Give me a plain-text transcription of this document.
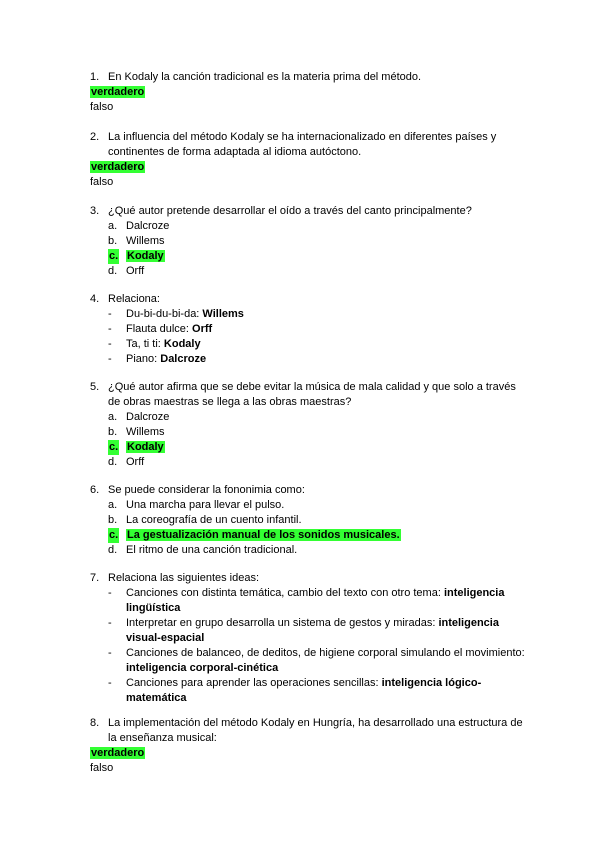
1. En Kodaly la canción tradicional es la materia prima del método.
verdadero
falso
2. La influencia del método Kodaly se ha internacionalizado en diferentes países y continentes de forma adaptada al idioma autóctono.
verdadero
falso
3. ¿Qué autor pretende desarrollar el oído a través del canto principalmente?
a. Dalcroze
b. Willems
c. Kodaly
d. Orff
4. Relaciona:
- Du-bi-du-bi-da: Willems
- Flauta dulce: Orff
- Ta, ti ti: Kodaly
- Piano: Dalcroze
5. ¿Qué autor afirma que se debe evitar la música de mala calidad y que solo a través de obras maestras se llega a las obras maestras?
a. Dalcroze
b. Willems
c. Kodaly
d. Orff
6. Se puede considerar la fononimia como:
a. Una marcha para llevar el pulso.
b. La coreografía de un cuento infantil.
c. La gestualización manual de los sonidos musicales.
d. El ritmo de una canción tradicional.
7. Relaciona las siguientes ideas:
- Canciones con distinta temática, cambio del texto con otro tema: inteligencia lingüística
- Interpretar en grupo desarrolla un sistema de gestos y miradas: inteligencia visual-espacial
- Canciones de balanceo, de deditos, de higiene corporal simulando el movimiento: inteligencia corporal-cinética
- Canciones para aprender las operaciones sencillas: inteligencia lógico-matemática
8. La implementación del método Kodaly en Hungría, ha desarrollado una estructura de la enseñanza musical:
verdadero
falso
